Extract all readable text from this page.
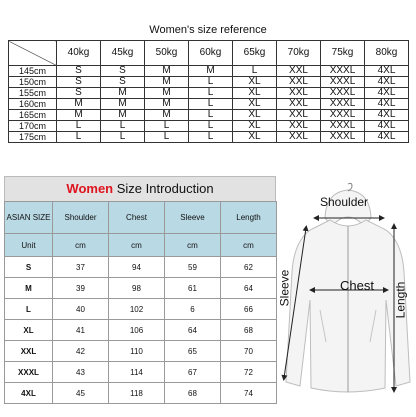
Women's size reference
	40kg	45kg	50kg	60kg	65kg	70kg	75kg	80kg
145cm	S	S	M	M	L	XXL	XXXL	4XL
150cm	S	S	M	L	XL	XXL	XXXL	4XL
155cm	S	M	M	L	XL	XXL	XXXL	4XL
160cm	M	M	M	L	XL	XXL	XXXL	4XL
165cm	M	M	M	L	XL	XXL	XXXL	4XL
170cm	L	L	L	L	XL	XXL	XXXL	4XL
175cm	L	L	L	L	XL	XXL	XXXL	4XL
Women Size Introduction
ASIAN SIZE	Shoulder	Chest	Sleeve	Length
Unit	cm	cm	cm	cm
S	37	94	59	62
M	39	98	61	64
L	40	102	6	66
XL	41	106	64	68
XXL	42	110	65	70
XXXL	43	114	67	72
4XL	45	118	68	74
Shoulder
Chest
Sleeve	Length
